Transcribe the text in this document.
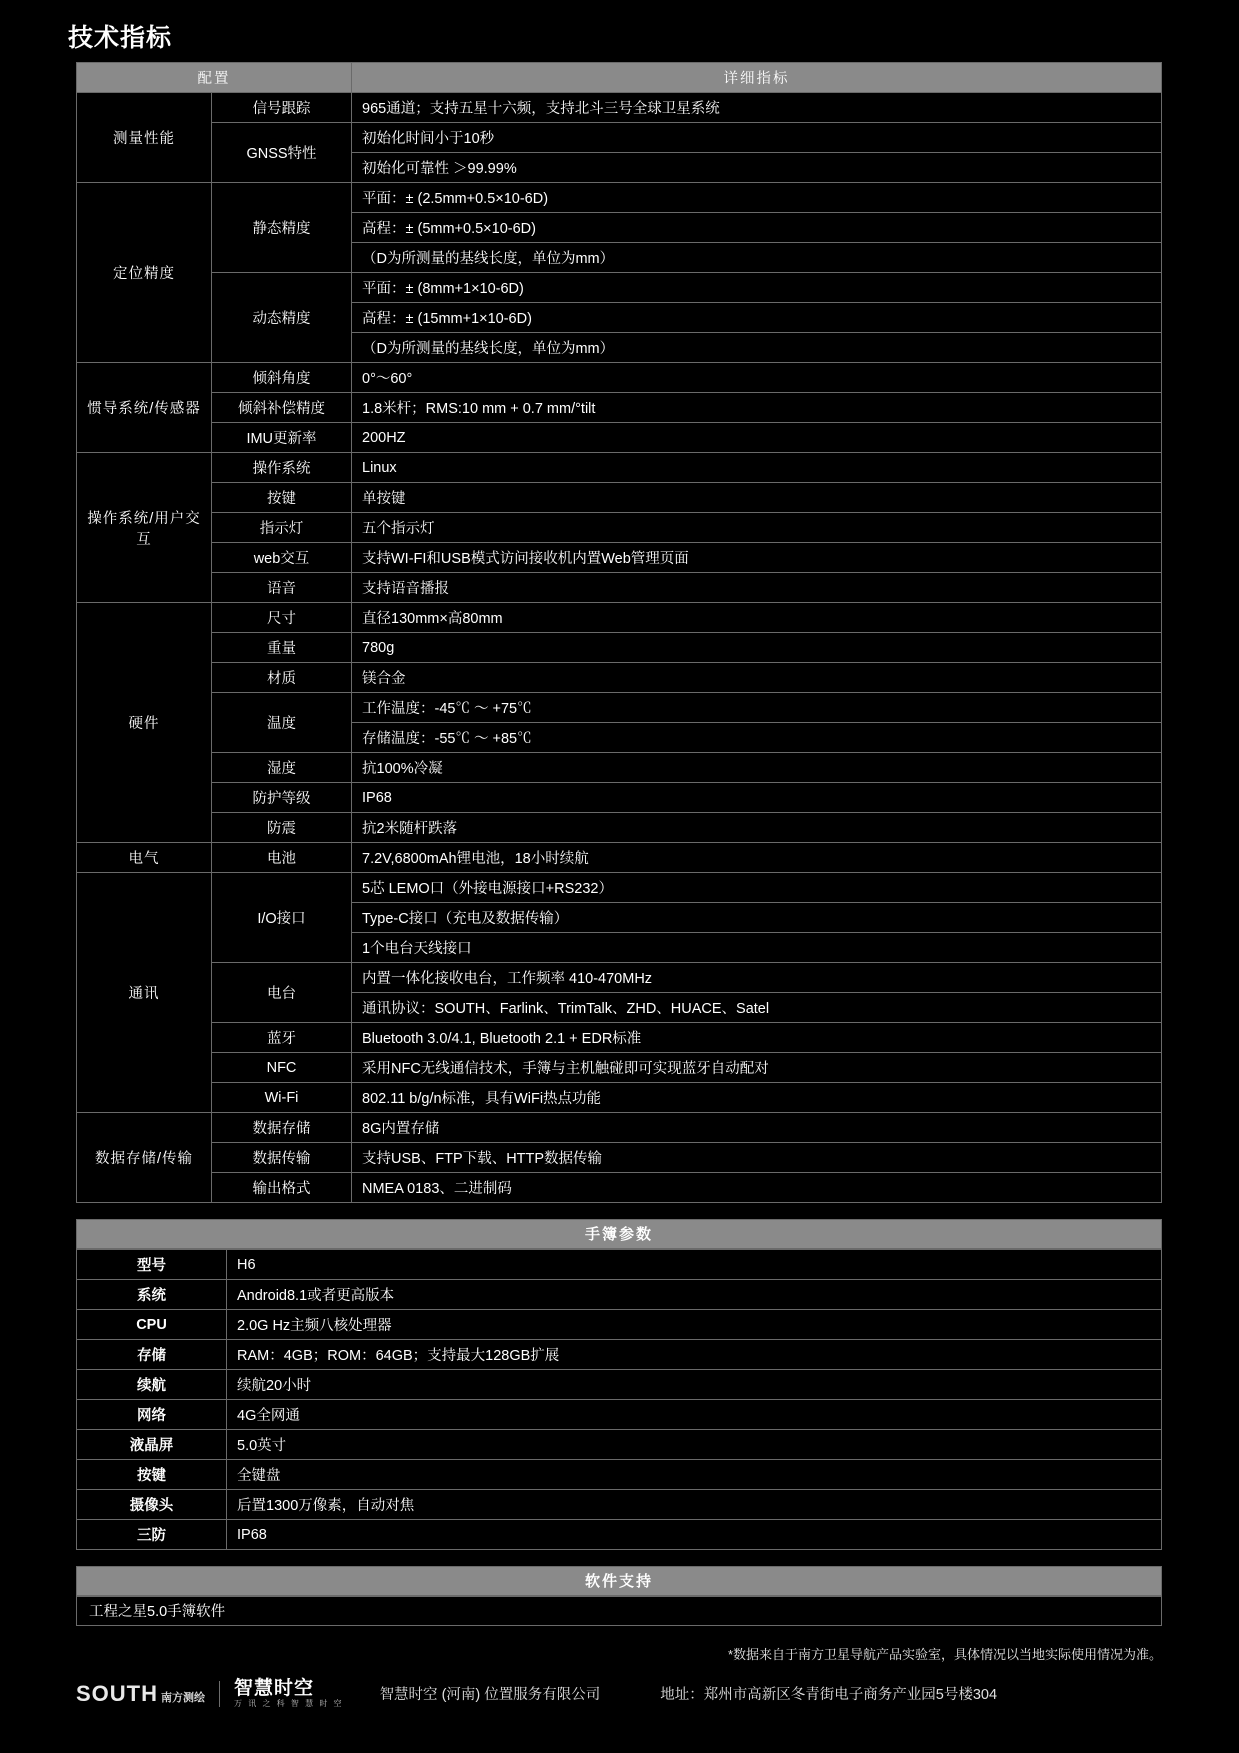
技术指标
配置		详细指标
测量性能	信号跟踪	965通道；支持五星十六频，支持北斗三号全球卫星系统
	GNSS特性	初始化时间小于10秒
		初始化可靠性 ＞99.99%
定位精度	静态精度	平面：± (2.5mm+0.5×10-6D)
		高程：± (5mm+0.5×10-6D)
		（D为所测量的基线长度，单位为mm）
	动态精度	平面：± (8mm+1×10-6D)
		高程：± (15mm+1×10-6D)
		（D为所测量的基线长度，单位为mm）
惯导系统/传感器	倾斜角度	0°～60°
	倾斜补偿精度	1.8米杆；RMS:10 mm + 0.7 mm/°tilt
	IMU更新率	200HZ
操作系统/用户交互	操作系统	Linux
	按键	单按键
	指示灯	五个指示灯
	web交互	支持WI-FI和USB模式访问接收机内置Web管理页面
	语音	支持语音播报
硬件	尺寸	直径130mm×高80mm
	重量	780g
	材质	镁合金
	温度	工作温度：-45℃ ～ +75℃
		存储温度：-55℃ ～ +85℃
	湿度	抗100%冷凝
	防护等级	IP68
	防震	抗2米随杆跌落
电气	电池	7.2V,6800mAh锂电池，18小时续航
通讯	I/O接口	5芯 LEMO口（外接电源接口+RS232）
		Type-C接口（充电及数据传输）
		1个电台天线接口
	电台	内置一体化接收电台，工作频率 410-470MHz
		通讯协议：SOUTH、Farlink、TrimTalk、ZHD、HUACE、Satel
	蓝牙	Bluetooth 3.0/4.1, Bluetooth 2.1 + EDR标准
	NFC	采用NFC无线通信技术，手簿与主机触碰即可实现蓝牙自动配对
	Wi-Fi	802.11 b/g/n标准，具有WiFi热点功能
数据存储/传输	数据存储	8G内置存储
	数据传输	支持USB、FTP下载、HTTP数据传输
	输出格式	NMEA 0183、二进制码
手簿参数
型号	H6
系统	Android8.1或者更高版本
CPU	2.0G Hz主频八核处理器
存储	RAM：4GB；ROM：64GB；支持最大128GB扩展
续航	续航20小时
网络	4G全网通
液晶屏	5.0英寸
按键	全键盘
摄像头	后置1300万像素，自动对焦
三防	IP68
软件支持
工程之星5.0手簿软件
*数据来自于南方卫星导航产品实验室，具体情况以当地实际使用情况为准。
SOUTH 南方测绘 智慧时空
万 讯 之 科 智 慧 时 空
智慧时空 (河南) 位置服务有限公司	地址：郑州市高新区冬青街电子商务产业园5号楼304
